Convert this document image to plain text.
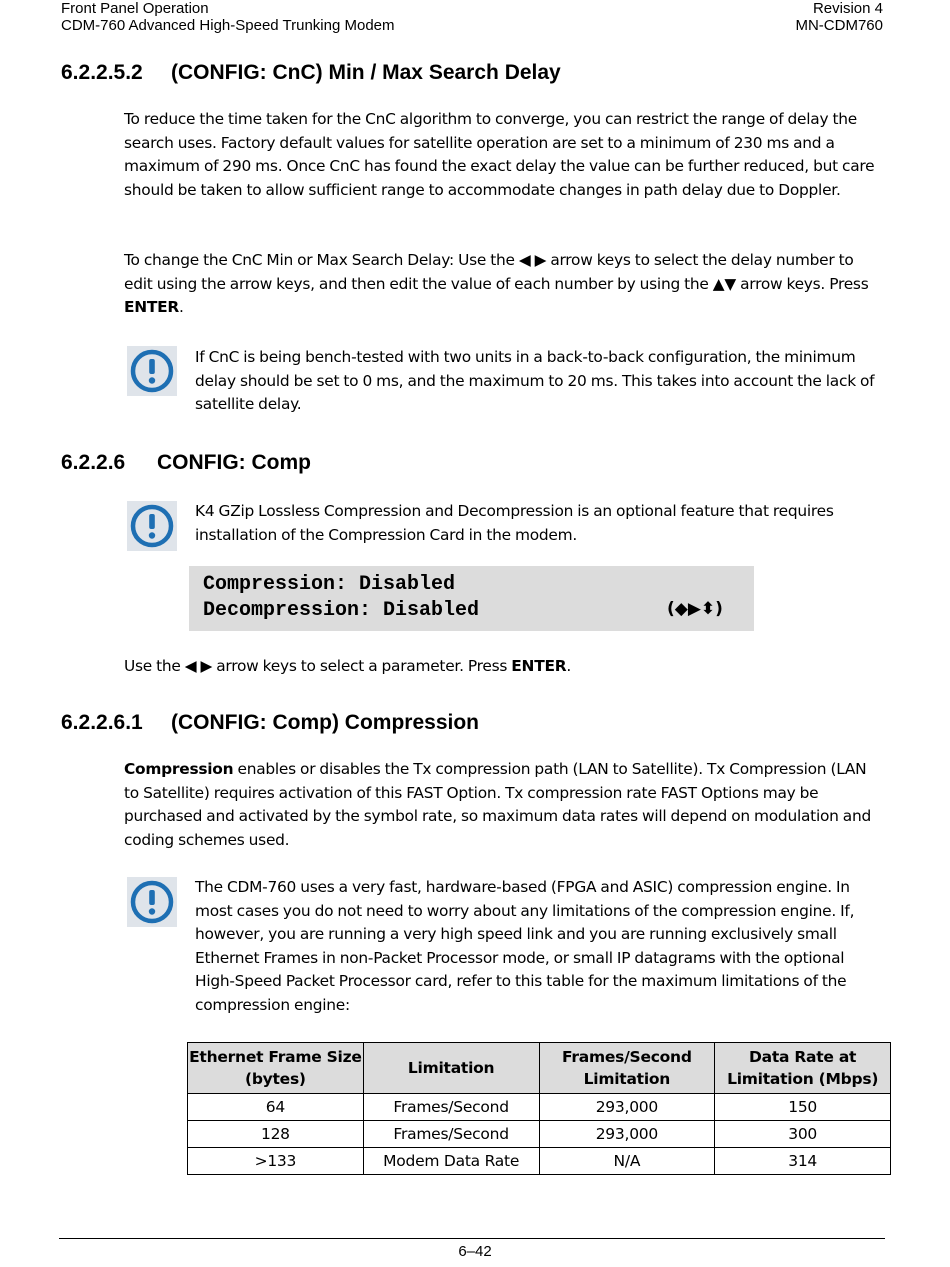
Front Panel Operation	Revision 4
CDM-760 Advanced High-Speed Trunking Modem	MN-CDM760
6.2.2.5.2 (CONFIG: CnC) Min / Max Search Delay

To reduce the time taken for the CnC algorithm to converge, you can restrict the range of delay the search uses. Factory default values for satellite operation are set to a minimum of 230 ms and a maximum of 290 ms. Once CnC has found the exact delay the value can be further reduced, but care should be taken to allow sufficient range to accommodate changes in path delay due to Doppler.

To change the CnC Min or Max Search Delay: Use the ◀ ▶ arrow keys to select the delay number to edit using the arrow keys, and then edit the value of each number by using the ▲▼ arrow keys. Press ENTER.

If CnC is being bench-tested with two units in a back-to-back configuration, the minimum delay should be set to 0 ms, and the maximum to 20 ms. This takes into account the lack of satellite delay.

6.2.2.6 CONFIG: Comp

K4 GZip Lossless Compression and Decompression is an optional feature that requires installation of the Compression Card in the modem.

Compression: Disabled
Decompression: Disabled	(◆▶⬍)

Use the ◀ ▶ arrow keys to select a parameter. Press ENTER.

6.2.2.6.1 (CONFIG: Comp) Compression

Compression enables or disables the Tx compression path (LAN to Satellite). Tx Compression (LAN to Satellite) requires activation of this FAST Option. Tx compression rate FAST Options may be purchased and activated by the symbol rate, so maximum data rates will depend on modulation and coding schemes used.

The CDM-760 uses a very fast, hardware-based (FPGA and ASIC) compression engine. In most cases you do not need to worry about any limitations of the compression engine. If, however, you are running a very high speed link and you are running exclusively small Ethernet Frames in non-Packet Processor mode, or small IP datagrams with the optional High-Speed Packet Processor card, refer to this table for the maximum limitations of the compression engine:

Ethernet Frame Size (bytes)	Limitation	Frames/Second Limitation	Data Rate at Limitation (Mbps)
64	Frames/Second	293,000	150
128	Frames/Second	293,000	300
>133	Modem Data Rate	N/A	314
6–42
